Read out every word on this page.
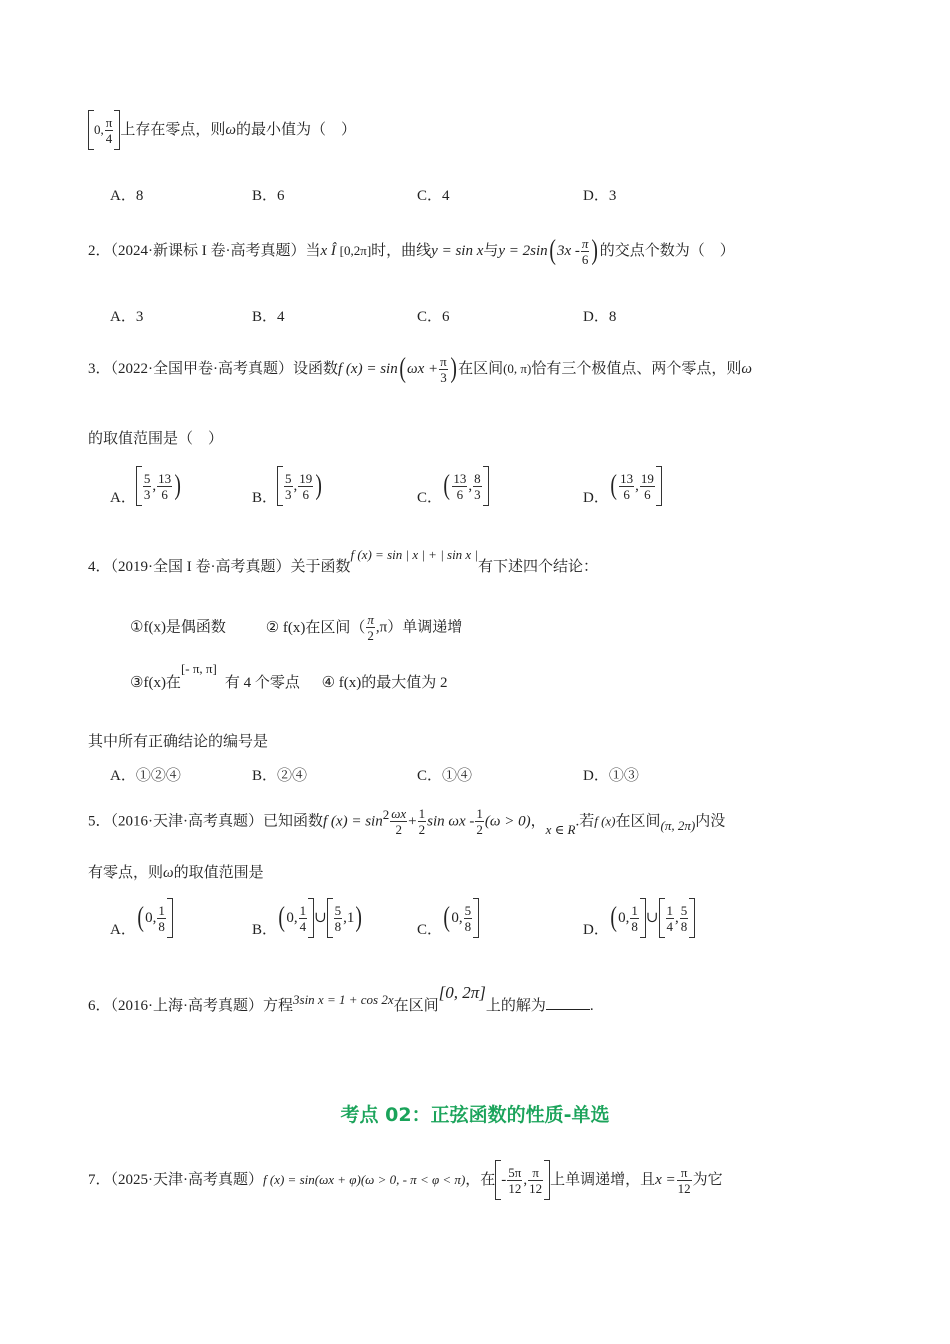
0, $\frac{\pi}{4}$ 上存在零点，则ω的最小值为（　）
A．8	B．6	C．4	D．3
2．（2024·新课标 I 卷·高考真题）当x Î [0,2π]时，曲线y = sin x与$y = 2\sin(3x - \frac{\pi}{6}$ )的交点个数为（　）
A．3	B．4	C．6	D．8
3．（2022·全国甲卷·高考真题）设函数f $(x) = \sin(\omega x + \frac{\pi}{3}$ )在区间(0, π)恰有三个极值点、两个零点，则ω
的取值范围是（　）
A． $\frac{5}{3}$ , $\frac{13}{6}$ )	B． $\frac{5}{3}$ , $\frac{19}{6}$ )	C．( $\frac{13}{6}$ , $\frac{8}{3}$	D．( $\frac{13}{6}$ , $\frac{19}{6}$
4．（2019·全国 I 卷·高考真题）关于函数f (x) = sin | x | + | sin x |有下述四个结论：
①f(x)是偶函数	② f(x)在区间（ $\frac{\pi}{2} ,\pi$）单调递增
③f(x)在[- π, π]有 4 个零点 ④ f(x)的最大值为 2
其中所有正确结论的编号是
A．①②④	B．②④	C．①④	D．①③
5．（2016·天津·高考真题）已知函数f $(x) = \sin^2 \frac{\omega x}{2} + \frac{1}{2}$ $\sin \omega x - \frac{1}{2} (\omega > 0)$，x ∈ R.若f (x)在区间(π, 2π)内没
有零点，则ω的取值范围是
A．(0, $\frac{1}{8}$	B．(0, $\frac{1}{4}$ ∪ $\frac{5}{8} ,1$)	C．(0, $\frac{5}{8}$	D．(0, $\frac{1}{8}$ ∪ $\frac{1}{4}$ , $\frac{5}{8}$
6．（2016·上海·高考真题）方程3sin x = 1 + cos 2x在区间[0, 2π]上的解为	.
考点 02：正弦函数的性质-单选
7．（2025·天津·高考真题）f (x) = sin(ωx + φ)(ω > 0, - π < φ < π)，在 - $\frac{5\pi}{12}$ , $\frac{\pi}{12}$ 上单调递增，且$x = \frac{\pi}{12}$ 为它
